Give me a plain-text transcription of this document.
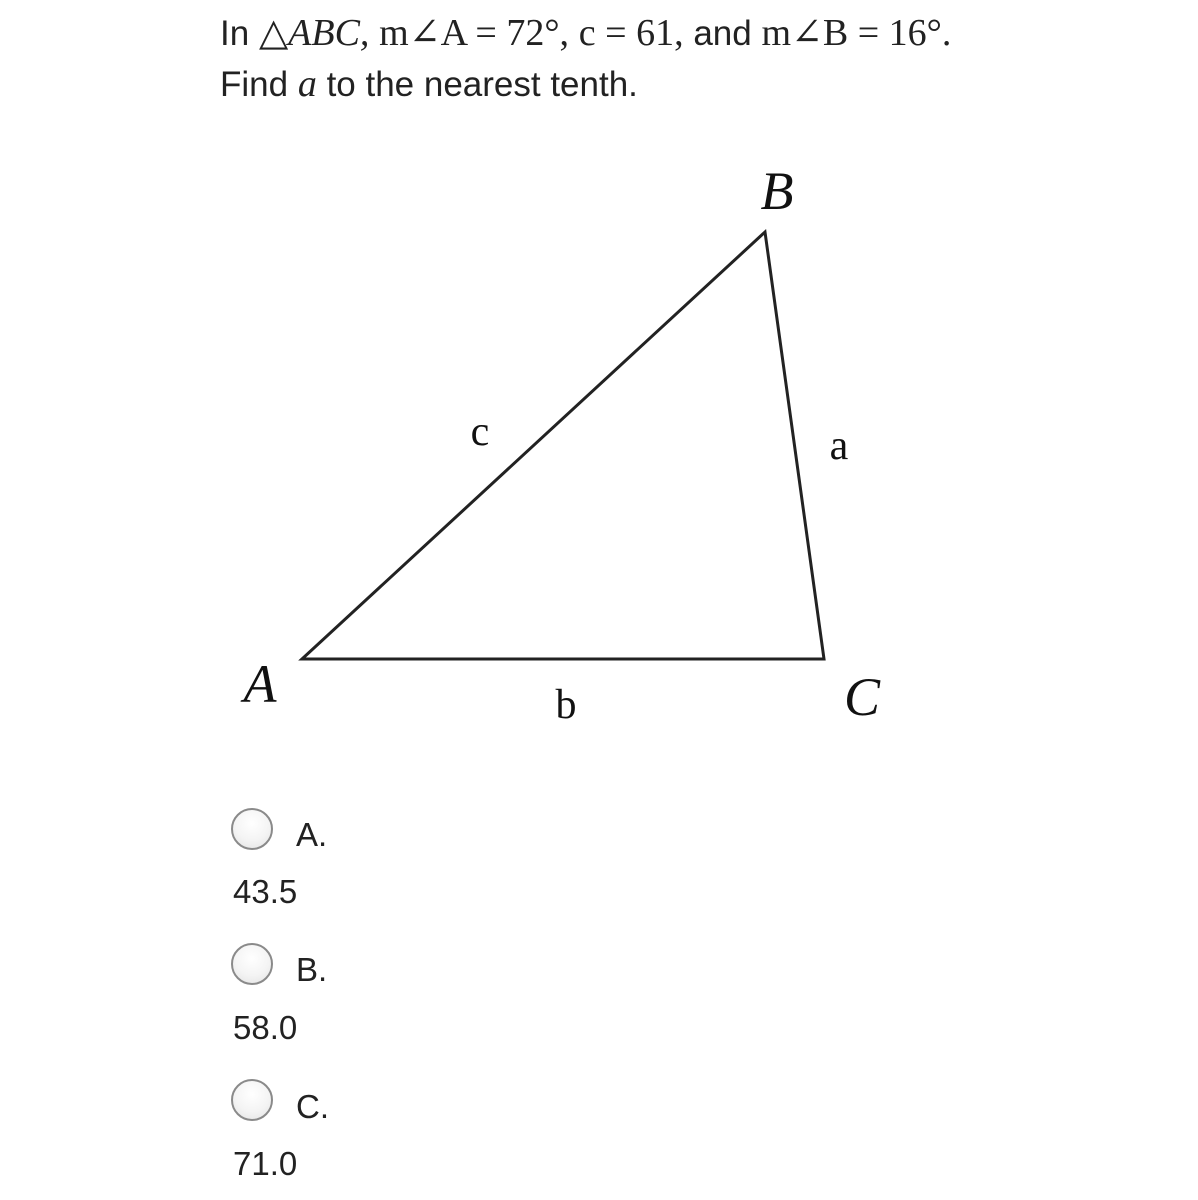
In △ABC, m∠A = 72°, c = 61, and m∠B = 16°.
Find a to the nearest tenth.
B
A	C
c	a
b
A.
43.5
B.
58.0
C.
71.0
